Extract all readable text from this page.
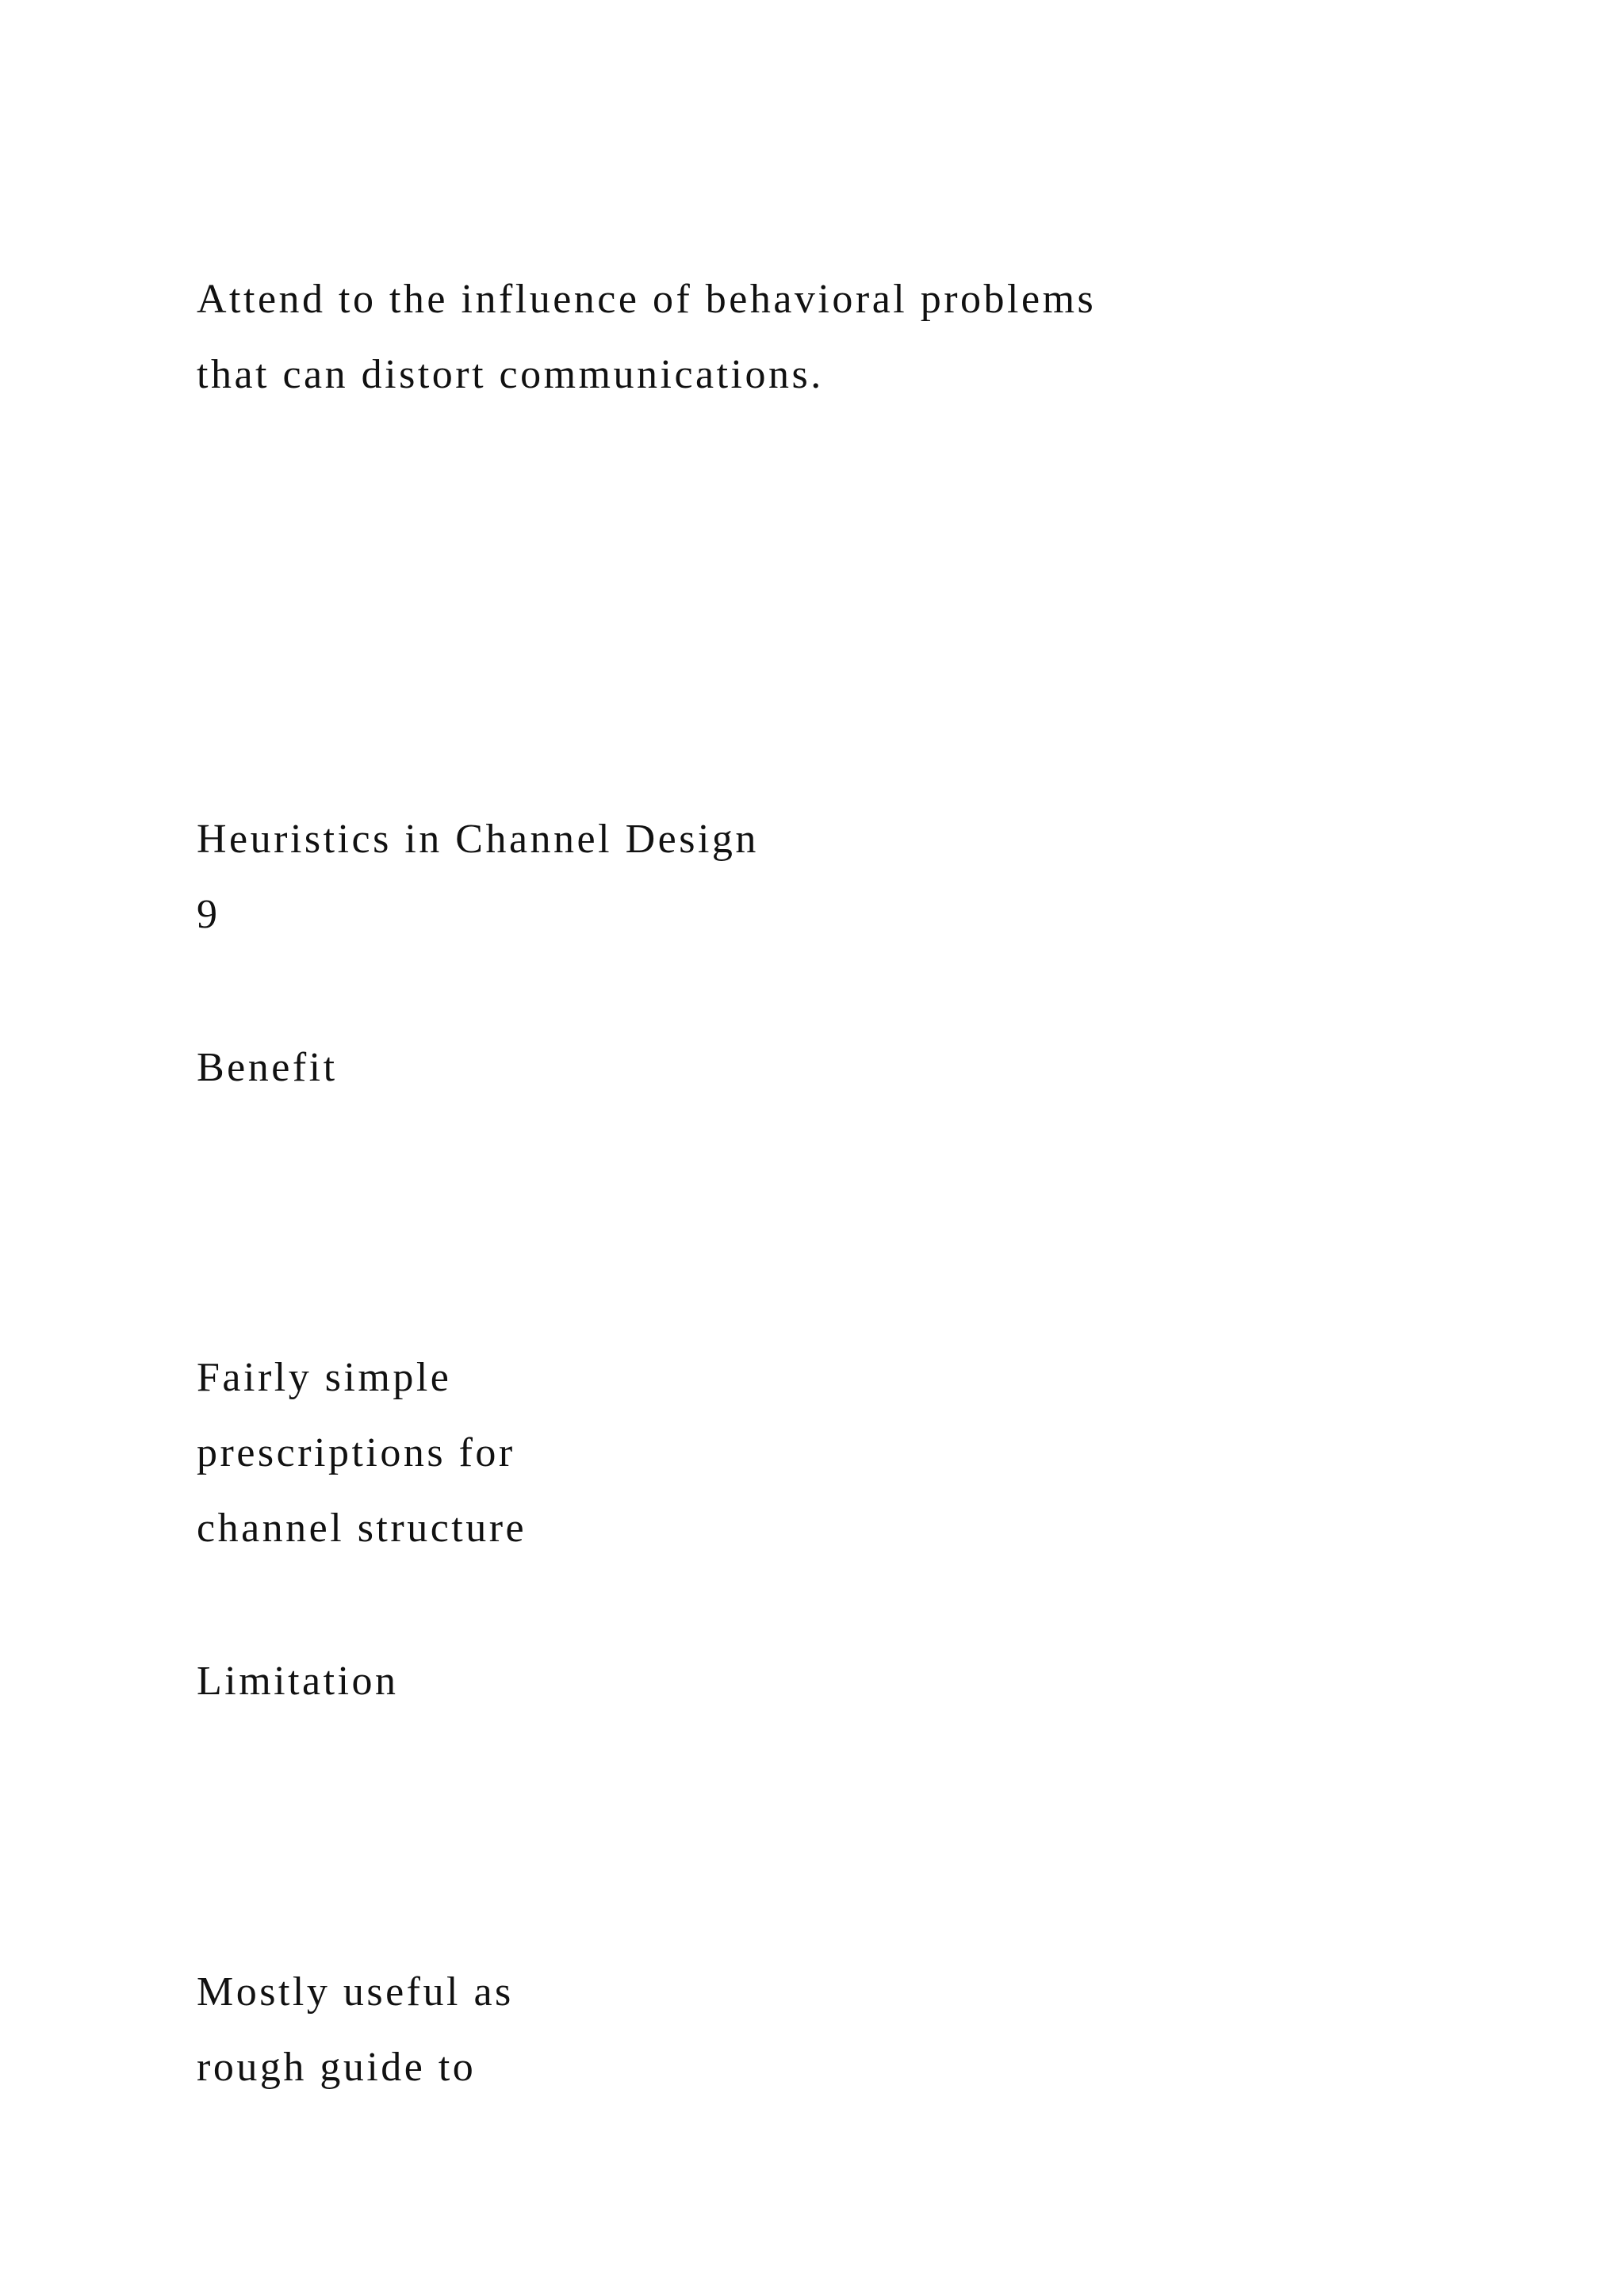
Attend to the influence of behavioral problems

that can distort communications.

Heuristics in Channel Design

9

Benefit

Fairly simple

prescriptions for

channel structure

Limitation

Mostly useful as

rough guide to
